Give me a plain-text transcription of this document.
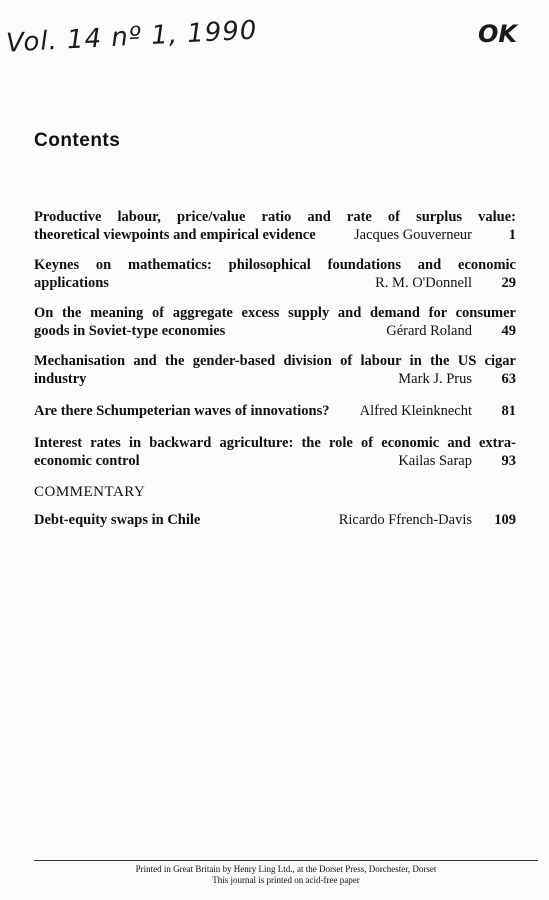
Vol. 14 nº 1, 1990	OK
Contents
Productive labour, price/value ratio and rate of surplus value:
theoretical viewpoints and empirical evidence	Jacques Gouverneur	1
Keynes on mathematics: philosophical foundations and economic
applications	R. M. O'Donnell	29
On the meaning of aggregate excess supply and demand for consumer
goods in Soviet-type economies	Gérard Roland	49
Mechanisation and the gender-based division of labour in the US cigar
industry	Mark J. Prus	63
Are there Schumpeterian waves of innovations?	Alfred Kleinknecht	81
Interest rates in backward agriculture: the role of economic and extra-
economic control	Kailas Sarap	93
COMMENTARY
Debt-equity swaps in Chile	Ricardo Ffrench-Davis	109
Printed in Great Britain by Henry Ling Ltd., at the Dorset Press, Dorchester, Dorset
This journal is printed on acid-free paper
